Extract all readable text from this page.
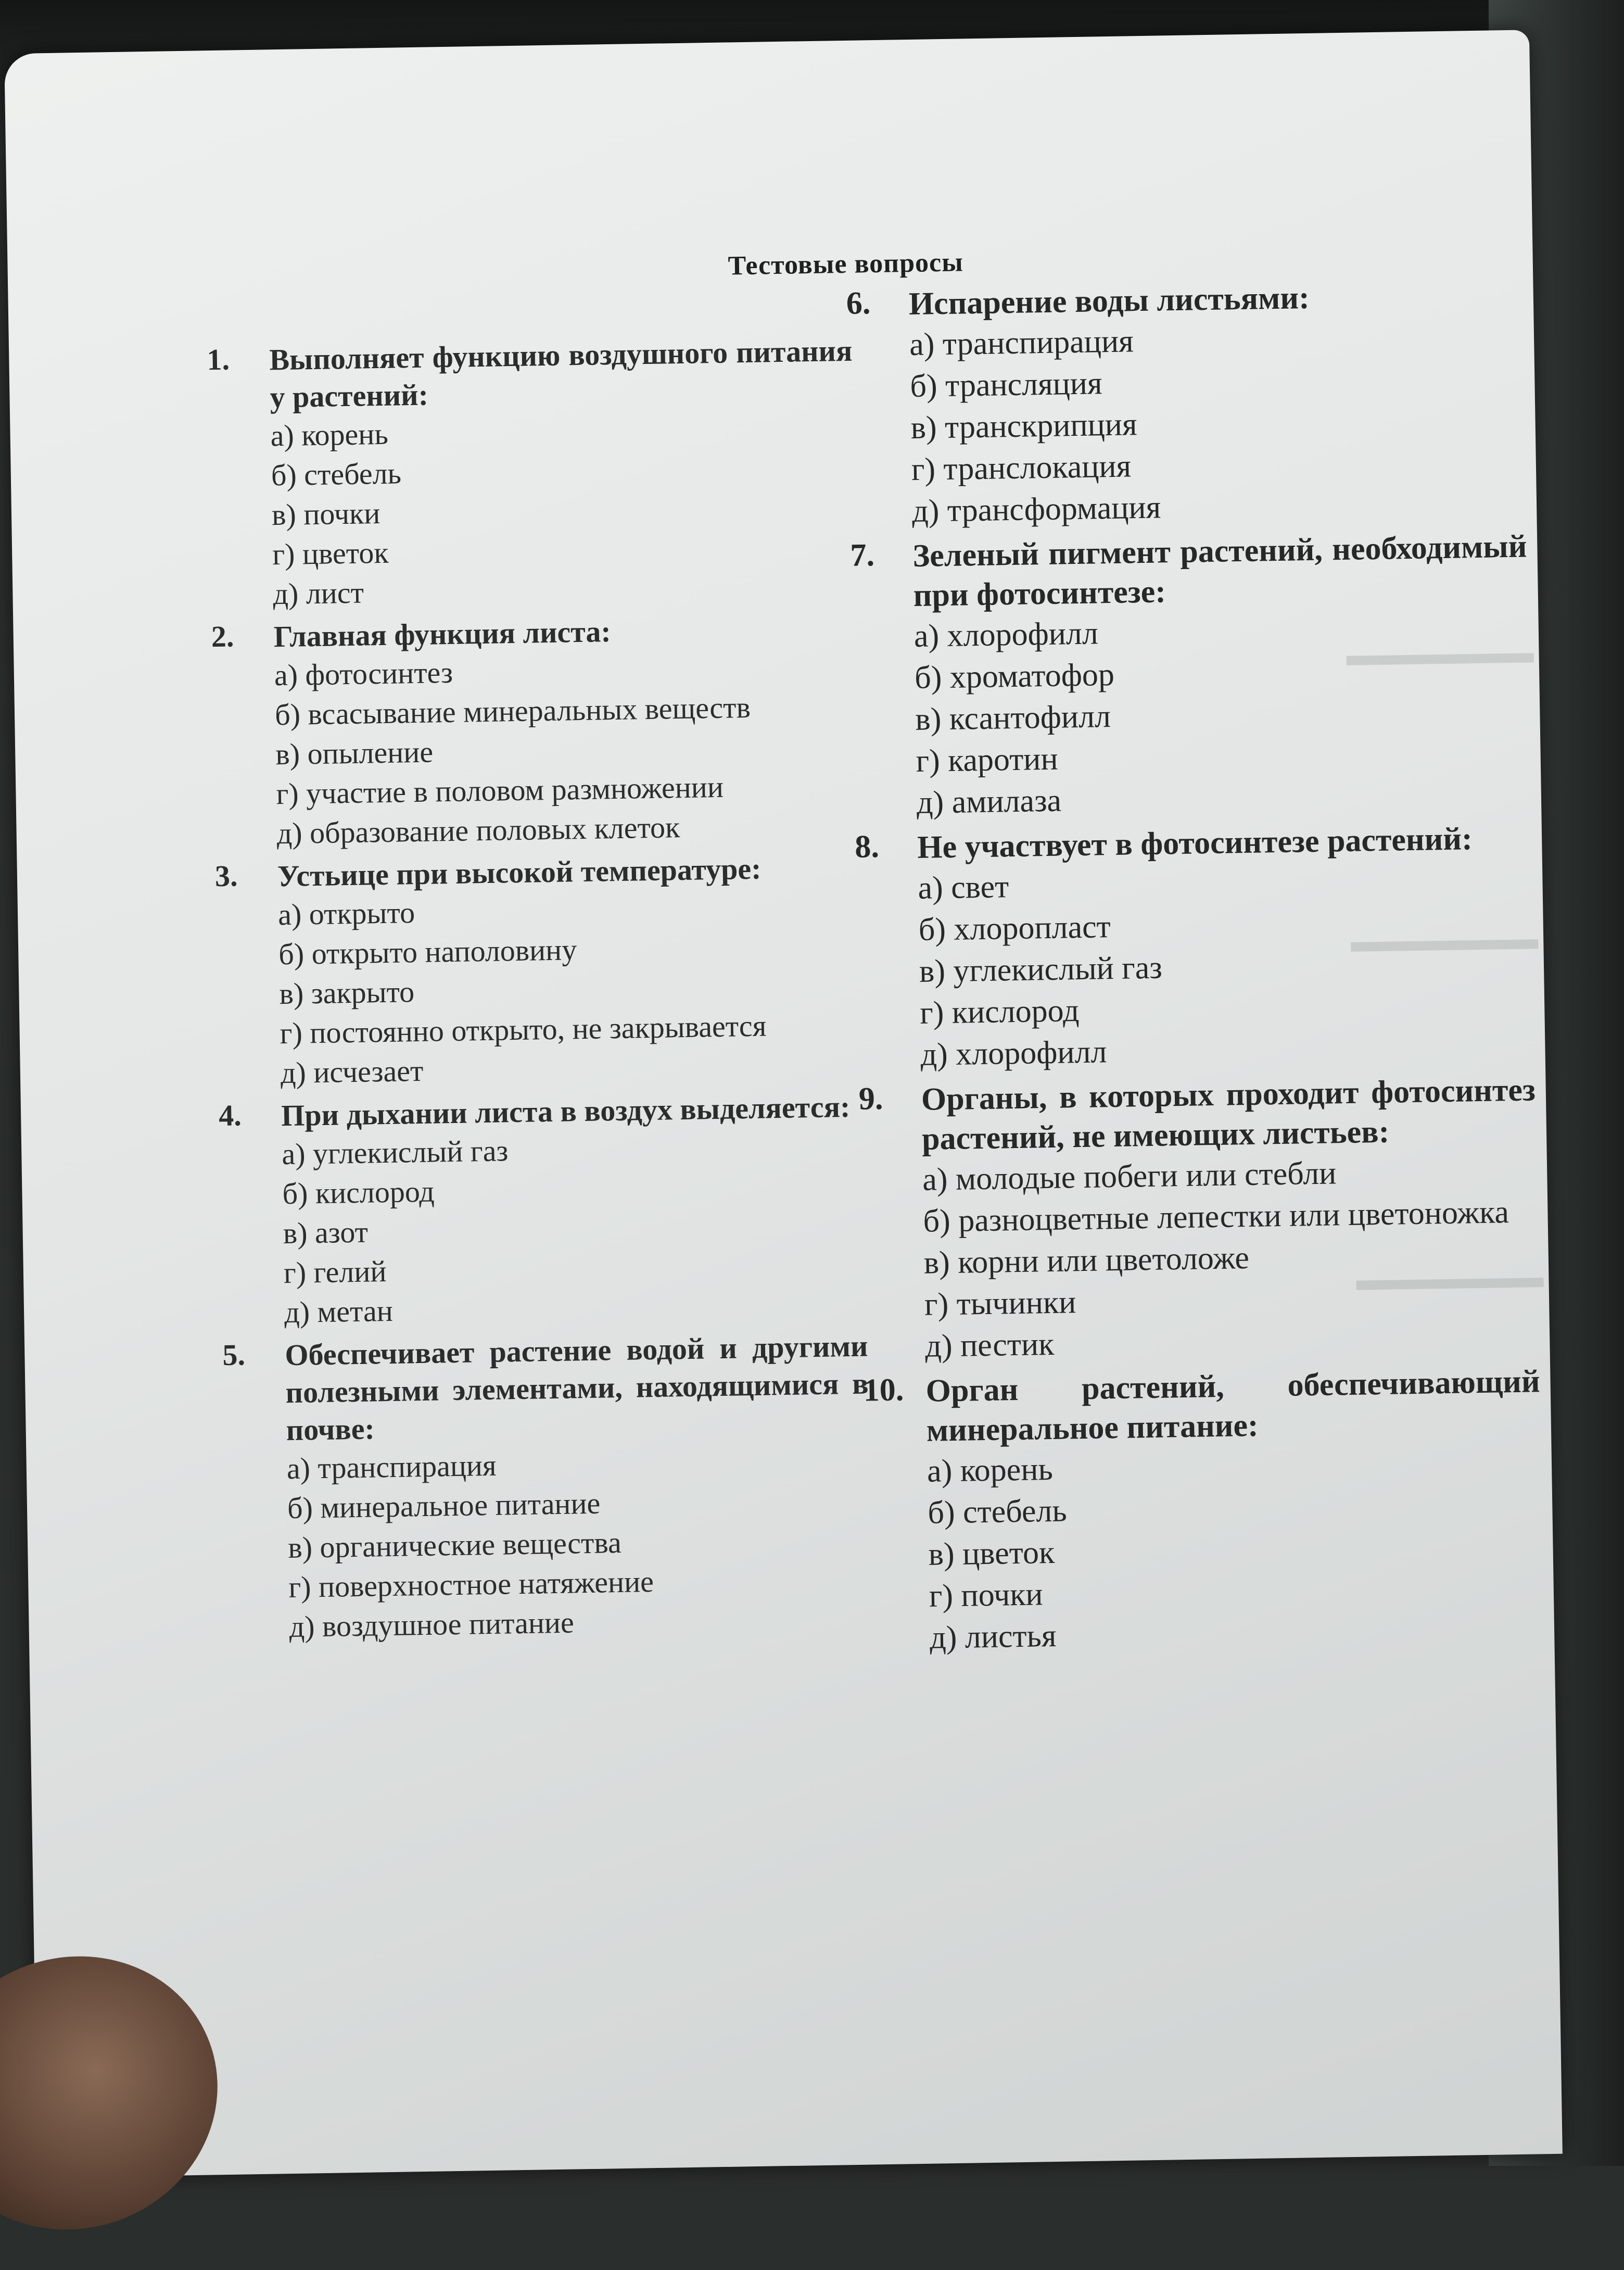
▬▬▬▬▬▬
▬▬▬▬▬▬
▬▬▬▬▬▬
Тестовые вопросы
1.	Выполняет функцию воздушного питания у растений:
а) корень
б) стебель
в) почки
г) цветок
д) лист
2.	Главная функция листа:
а) фотосинтез
б) всасывание минеральных веществ
в) опыление
г) участие в половом размножении
д) образование половых клеток
3.	Устьице при высокой температуре:
а) открыто
б) открыто наполовину
в) закрыто
г) постоянно открыто, не закрывается
д) исчезает
4.	При дыхании листа в воздух выделяется:
а) углекислый газ
б) кислород
в) азот
г) гелий
д) метан
5.	Обеспечивает растение водой и другими полезными элементами, находящимися в почве:
а) транспирация
б) минеральное питание
в) органические вещества
г) поверхностное натяжение
д) воздушное питание
6.	Испарение воды листьями:
а) транспирация
б) трансляция
в) транскрипция
г) транслокация
д) трансформация
7.	Зеленый пигмент растений, необходимый при фотосинтезе:
а) хлорофилл
б) хроматофор
в) ксантофилл
г) каротин
д) амилаза
8.	Не участвует в фотосинтезе растений:
а) свет
б) хлоропласт
в) углекислый газ
г) кислород
д) хлорофилл
9.	Органы, в которых проходит фотосинтез растений, не имеющих листьев:
а) молодые побеги или стебли
б) разноцветные лепестки или цветоножка
в) корни или цветоложе
г) тычинки
д) пестик
10. Орган растений, обеспечивающий минеральное питание:
а) корень
б) стебель
в) цветок
г) почки
д) листья
